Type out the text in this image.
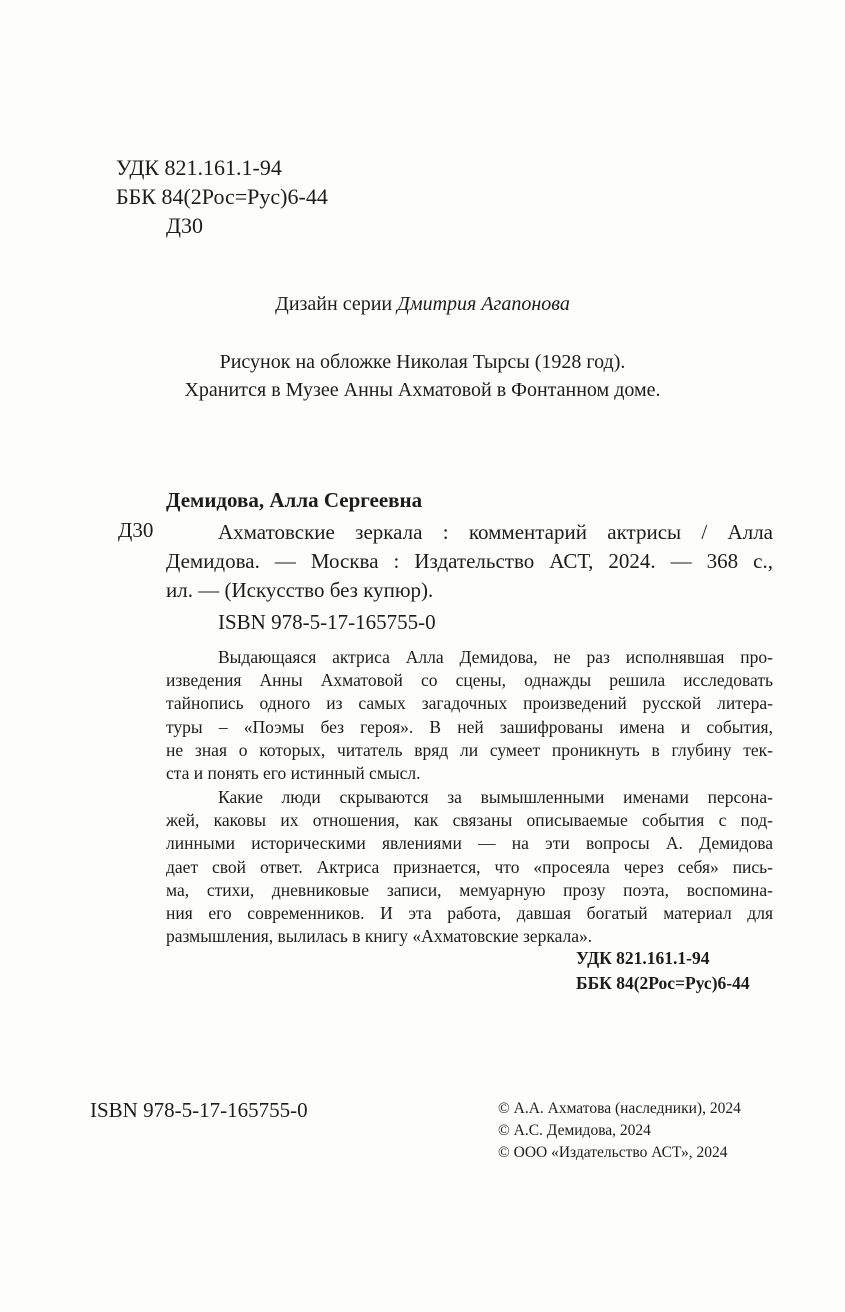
УДК 821.161.1-94
ББК 84(2Рос=Рус)6-44
Д30
Дизайн серии Дмитрия Агапонова
Рисунок на обложке Николая Тырсы (1928 год).
Хранится в Музее Анны Ахматовой в Фонтанном доме.
Демидова, Алла Сергеевна
Д30	Ахматовские зеркала : комментарий актрисы / Алла
Демидова. — Москва : Издательство АСТ, 2024. — 368 с.,
ил. — (Искусство без купюр).
ISBN 978-5-17-165755-0
Выдающаяся актриса Алла Демидова, не раз исполнявшая про-
изведения Анны Ахматовой со сцены, однажды решила исследовать
тайнопись одного из самых загадочных произведений русской литера-
туры – «Поэмы без героя». В ней зашифрованы имена и события,
не зная о которых, читатель вряд ли сумеет проникнуть в глубину тек-
ста и понять его истинный смысл.
Какие люди скрываются за вымышленными именами персона-
жей, каковы их отношения, как связаны описываемые события с под-
линными историческими явлениями — на эти вопросы А. Демидова
дает свой ответ. Актриса признается, что «просеяла через себя» пись-
ма, стихи, дневниковые записи, мемуарную прозу поэта, воспомина-
ния его современников. И эта работа, давшая богатый материал для
размышления, вылилась в книгу «Ахматовские зеркала».
УДК 821.161.1-94
ББК 84(2Рос=Рус)6-44
ISBN 978-5-17-165755-0	© А.А. Ахматова (наследники), 2024
© А.С. Демидова, 2024
© ООО «Издательство АСТ», 2024
